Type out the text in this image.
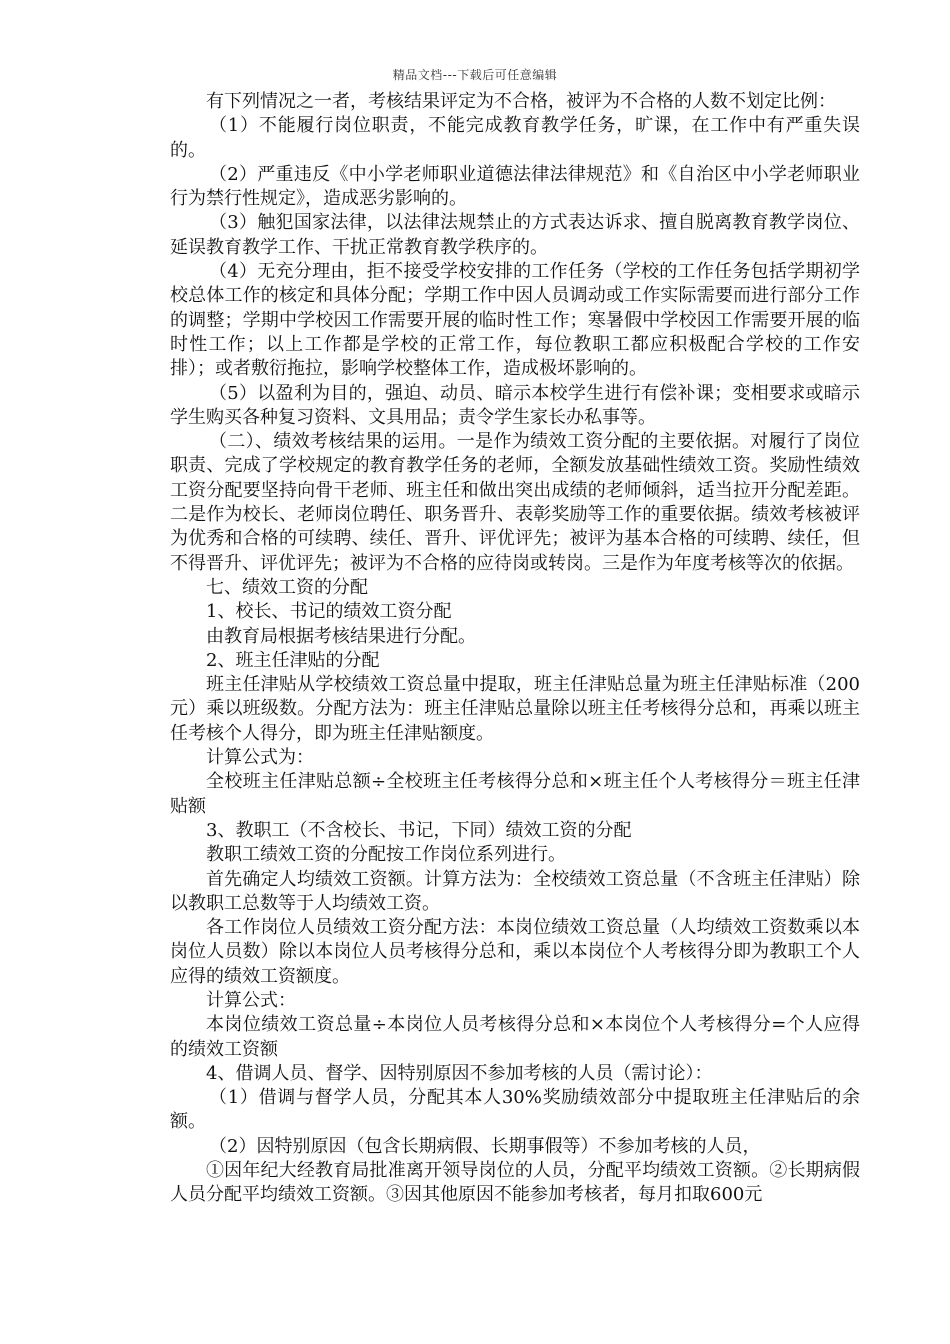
精品文档---下载后可任意编辑

有下列情况之一者，考核结果评定为不合格，被评为不合格的人数不划定比例：

（1）不能履行岗位职责，不能完成教育教学任务，旷课，在工作中有严重失误的。

（2）严重违反《中小学老师职业道德法律法律规范》和《自治区中小学老师职业行为禁行性规定》，造成恶劣影响的。

（3）触犯国家法律，以法律法规禁止的方式表达诉求、擅自脱离教育教学岗位、延误教育教学工作、干扰正常教育教学秩序的。

（4）无充分理由，拒不接受学校安排的工作任务（学校的工作任务包括学期初学校总体工作的核定和具体分配；学期工作中因人员调动或工作实际需要而进行部分工作的调整；学期中学校因工作需要开展的临时性工作；寒暑假中学校因工作需要开展的临时性工作；以上工作都是学校的正常工作，每位教职工都应积极配合学校的工作安排）；或者敷衍拖拉，影响学校整体工作，造成极坏影响的。

（5）以盈利为目的，强迫、动员、暗示本校学生进行有偿补课；变相要求或暗示学生购买各种复习资料、文具用品；责令学生家长办私事等。

（二）、绩效考核结果的运用。一是作为绩效工资分配的主要依据。对履行了岗位职责、完成了学校规定的教育教学任务的老师，全额发放基础性绩效工资。奖励性绩效工资分配要坚持向骨干老师、班主任和做出突出成绩的老师倾斜，适当拉开分配差距。二是作为校长、老师岗位聘任、职务晋升、表彰奖励等工作的重要依据。绩效考核被评为优秀和合格的可续聘、续任、晋升、评优评先；被评为基本合格的可续聘、续任，但不得晋升、评优评先；被评为不合格的应待岗或转岗。三是作为年度考核等次的依据。

七、绩效工资的分配

1、校长、书记的绩效工资分配

由教育局根据考核结果进行分配。

2、班主任津贴的分配

班主任津贴从学校绩效工资总量中提取，班主任津贴总量为班主任津贴标准（200元）乘以班级数。分配方法为：班主任津贴总量除以班主任考核得分总和，再乘以班主任考核个人得分，即为班主任津贴额度。

计算公式为：

全校班主任津贴总额÷全校班主任考核得分总和×班主任个人考核得分＝班主任津贴额

3、教职工（不含校长、书记，下同）绩效工资的分配

教职工绩效工资的分配按工作岗位系列进行。

首先确定人均绩效工资额。计算方法为：全校绩效工资总量（不含班主任津贴）除以教职工总数等于人均绩效工资。

各工作岗位人员绩效工资分配方法：本岗位绩效工资总量（人均绩效工资数乘以本岗位人员数）除以本岗位人员考核得分总和，乘以本岗位个人考核得分即为教职工个人应得的绩效工资额度。

计算公式：

本岗位绩效工资总量÷本岗位人员考核得分总和×本岗位个人考核得分=个人应得的绩效工资额

4、借调人员、督学、因特别原因不参加考核的人员（需讨论）：

（1）借调与督学人员，分配其本人30%奖励绩效部分中提取班主任津贴后的余额。

（2）因特别原因（包含长期病假、长期事假等）不参加考核的人员，

①因年纪大经教育局批准离开领导岗位的人员，分配平均绩效工资额。②长期病假人员分配平均绩效工资额。③因其他原因不能参加考核者，每月扣取600元
